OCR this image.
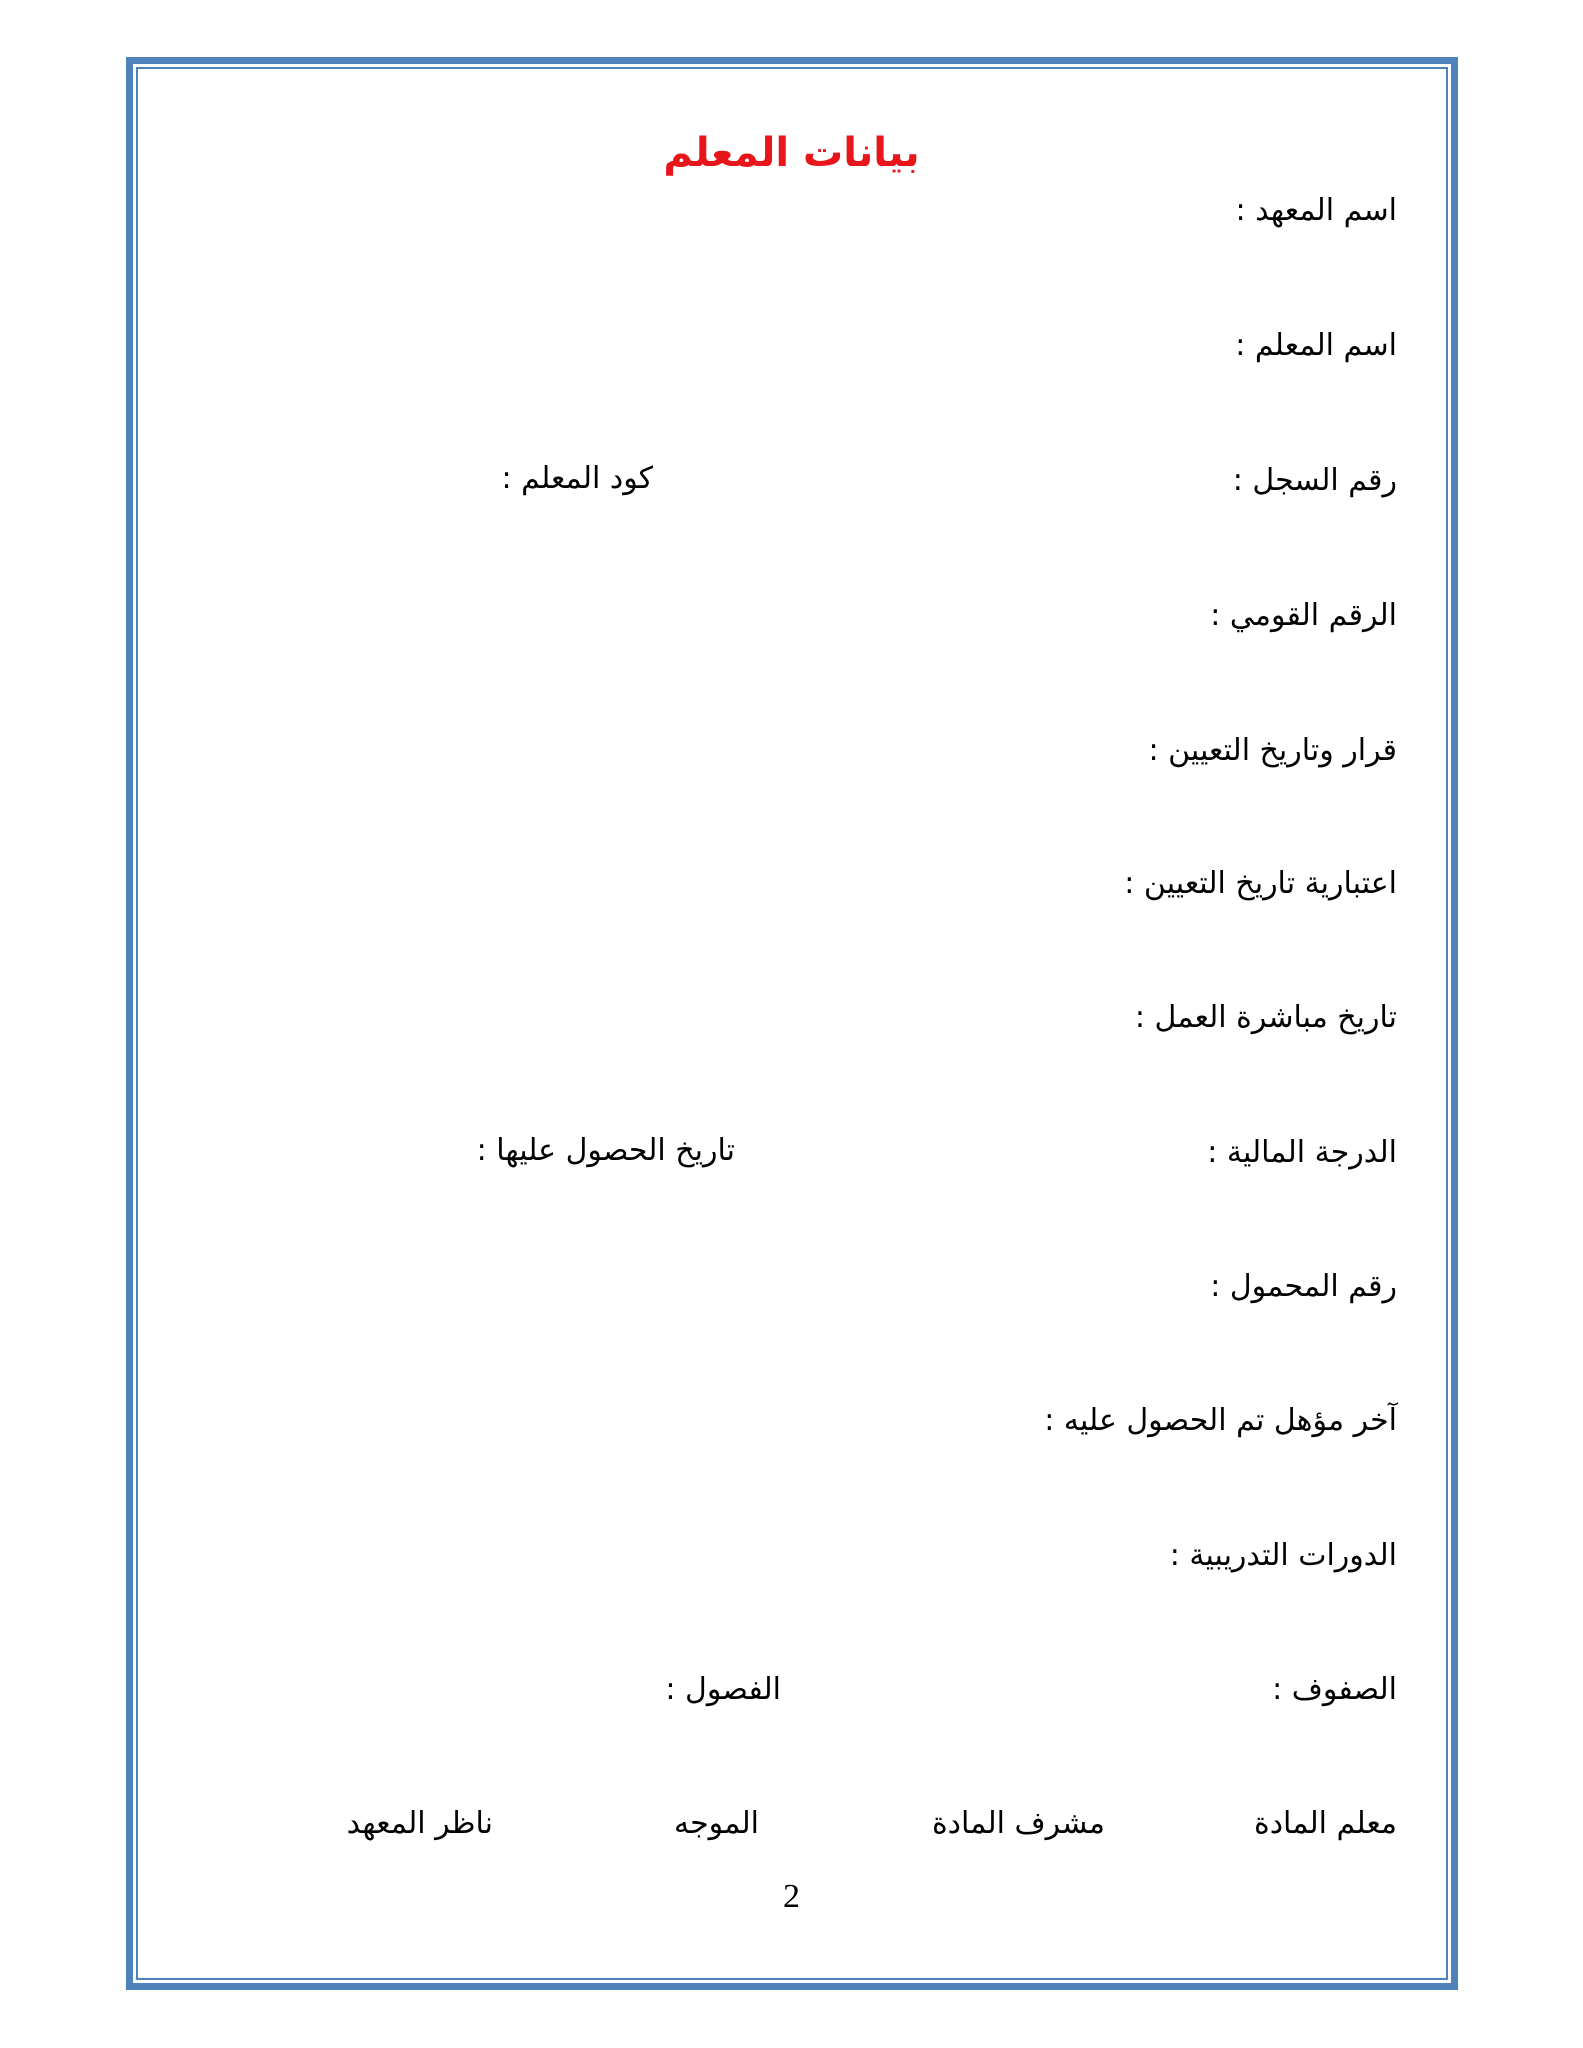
بيانات المعلم
اسم المعهد :
اسم المعلم :
رقم السجل :
كود المعلم :
الرقم القومي :
قرار وتاريخ التعيين :
اعتبارية تاريخ التعيين :
تاريخ مباشرة العمل :
الدرجة المالية :
تاريخ الحصول عليها :
رقم المحمول :
آخر مؤهل تم الحصول عليه :
الدورات التدريبية :
الصفوف :
الفصول :
معلم المادة
مشرف المادة
الموجه
ناظر المعهد
2
